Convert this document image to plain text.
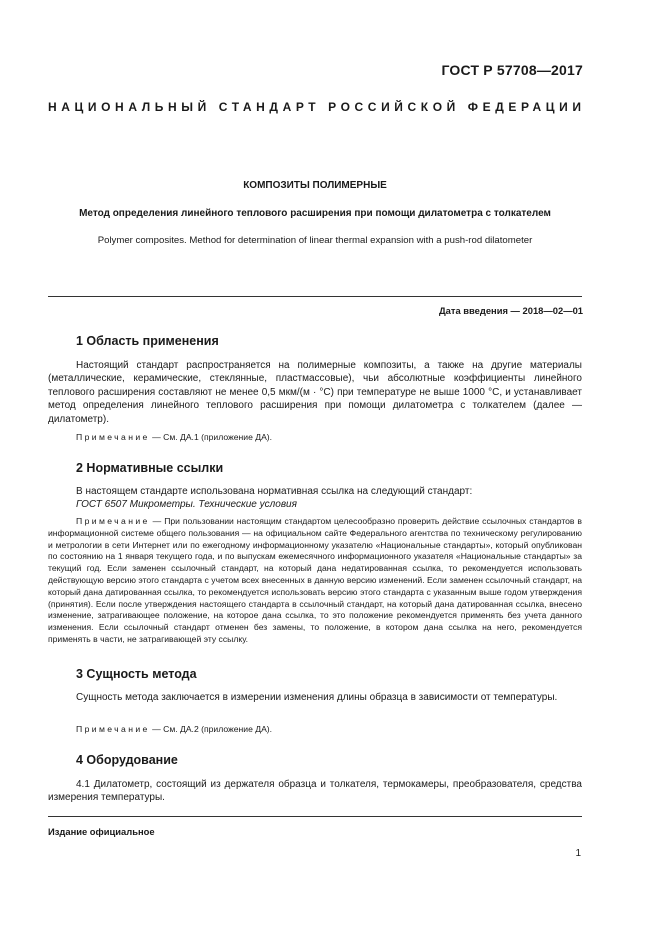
ГОСТ Р 57708—2017
НАЦИОНАЛЬНЫЙ СТАНДАРТ РОССИЙСКОЙ ФЕДЕРАЦИИ
КОМПОЗИТЫ ПОЛИМЕРНЫЕ
Метод определения линейного теплового расширения при помощи дилатометра с толкателем
Polymer composites. Method for determination of linear thermal expansion with a push-rod dilatometer
Дата введения — 2018—02—01
1 Область применения
Настоящий стандарт распространяется на полимерные композиты, а также на другие материалы (металлические, керамические, стеклянные, пластмассовые), чьи абсолютные коэффициенты линейного теплового расширения составляют не менее 0,5 мкм/(м · °С) при температуре не выше 1000 °С, и устанавливает метод определения линейного теплового расширения при помощи дилатометра с толкателем (далее — дилатометр).
Примечание — См. ДА.1 (приложение ДА).
2 Нормативные ссылки
В настоящем стандарте использована нормативная ссылка на следующий стандарт:
ГОСТ 6507 Микрометры. Технические условия
Примечание — При пользовании настоящим стандартом целесообразно проверить действие ссылочных стандартов в информационной системе общего пользования — на официальном сайте Федерального агентства по техническому регулированию и метрологии в сети Интернет или по ежегодному информационному указателю «Национальные стандарты», который опубликован по состоянию на 1 января текущего года, и по выпускам ежемесячного информационного указателя «Национальные стандарты» за текущий год. Если заменен ссылочный стандарт, на который дана недатированная ссылка, то рекомендуется использовать действующую версию этого стандарта с учетом всех внесенных в данную версию изменений. Если заменен ссылочный стандарт, на который дана датированная ссылка, то рекомендуется использовать версию этого стандарта с указанным выше годом утверждения (принятия). Если после утверждения настоящего стандарта в ссылочный стандарт, на который дана датированная ссылка, внесено изменение, затрагивающее положение, на которое дана ссылка, то это положение рекомендуется применять без учета данного изменения. Если ссылочный стандарт отменен без замены, то положение, в котором дана ссылка на него, рекомендуется применять в части, не затрагивающей эту ссылку.
3 Сущность метода
Сущность метода заключается в измерении изменения длины образца в зависимости от температуры.
Примечание — См. ДА.2 (приложение ДА).
4 Оборудование
4.1 Дилатометр, состоящий из держателя образца и толкателя, термокамеры, преобразователя, средства измерения температуры.
Издание официальное
1
